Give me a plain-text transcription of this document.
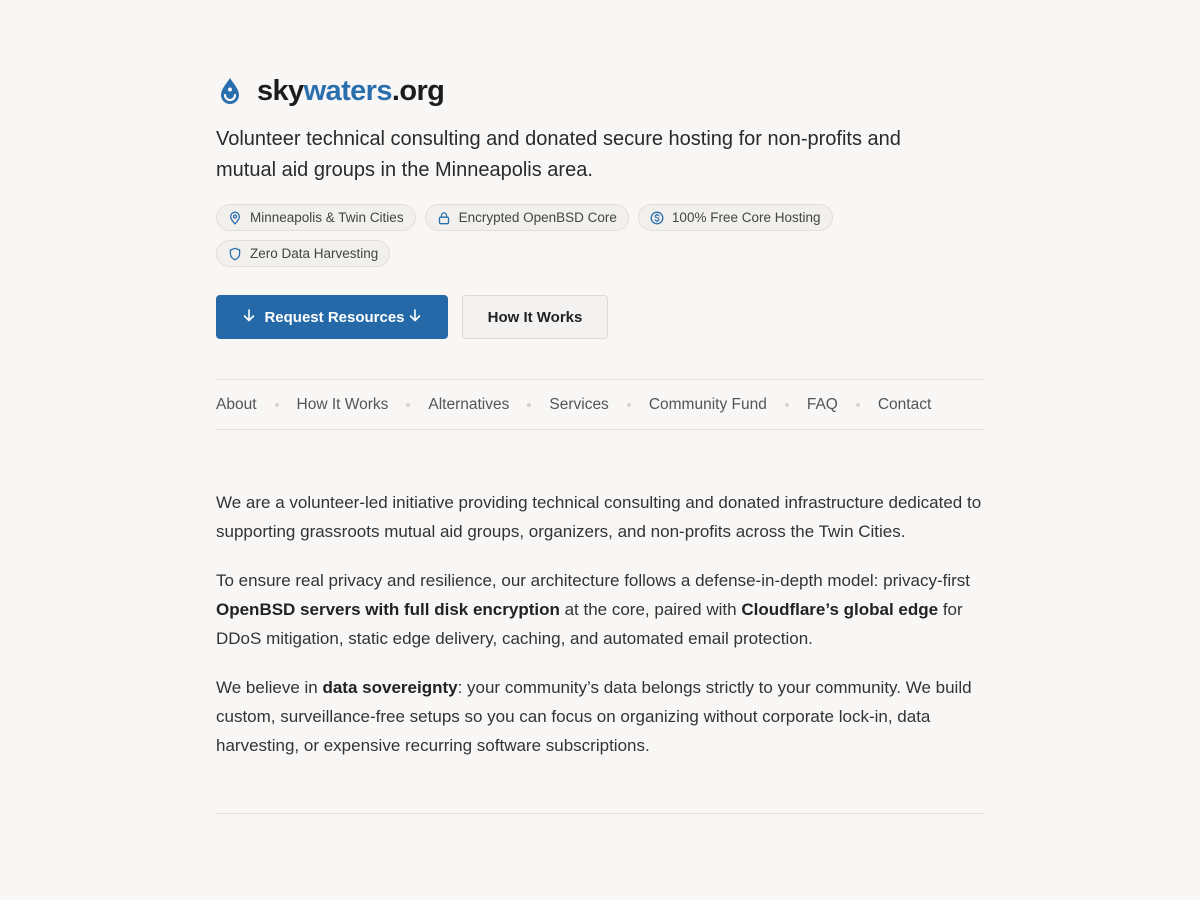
skywaters.org
Volunteer technical consulting and donated secure hosting for non-profits and mutual aid groups in the Minneapolis area.
Minneapolis & Twin Cities	Encrypted OpenBSD Core	100% Free Core Hosting
Zero Data Harvesting
Request Resources	How It Works
About	How It Works	Alternatives	Services	Community Fund	FAQ	Contact

We are a volunteer-led initiative providing technical consulting and donated infrastructure dedicated to supporting grassroots mutual aid groups, organizers, and non-profits across the Twin Cities.

To ensure real privacy and resilience, our architecture follows a defense-in-depth model: privacy-first OpenBSD servers with full disk encryption at the core, paired with Cloudflare’s global edge for DDoS mitigation, static edge delivery, caching, and automated email protection.

We believe in data sovereignty: your community’s data belongs strictly to your community. We build custom, surveillance-free setups so you can focus on organizing without corporate lock-in, data harvesting, or expensive recurring software subscriptions.
